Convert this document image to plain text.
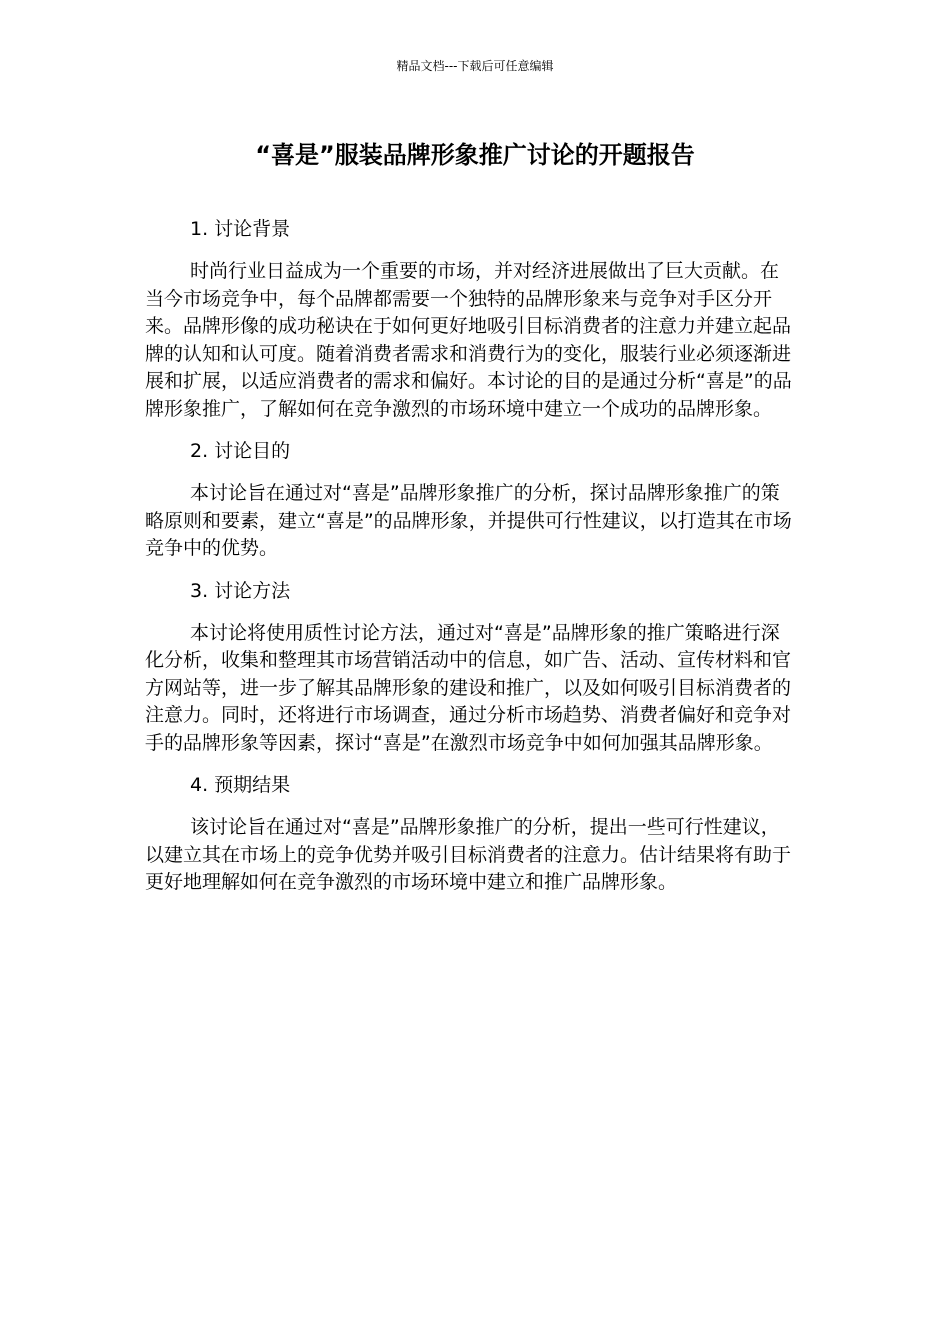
精品文档---下载后可任意编辑
“喜是”服装品牌形象推广讨论的开题报告
1. 讨论背景

时尚行业日益成为一个重要的市场，并对经济进展做出了巨大贡献。在当今市场竞争中，每个品牌都需要一个独特的品牌形象来与竞争对手区分开来。品牌形像的成功秘诀在于如何更好地吸引目标消费者的注意力并建立起品牌的认知和认可度。随着消费者需求和消费行为的变化，服装行业必须逐渐进展和扩展，以适应消费者的需求和偏好。本讨论的目的是通过分析“喜是”的品牌形象推广，了解如何在竞争激烈的市场环境中建立一个成功的品牌形象。

2. 讨论目的

本讨论旨在通过对“喜是”品牌形象推广的分析，探讨品牌形象推广的策略原则和要素，建立“喜是”的品牌形象，并提供可行性建议，以打造其在市场竞争中的优势。

3. 讨论方法

本讨论将使用质性讨论方法，通过对“喜是”品牌形象的推广策略进行深化分析，收集和整理其市场营销活动中的信息，如广告、活动、宣传材料和官方网站等，进一步了解其品牌形象的建设和推广，以及如何吸引目标消费者的注意力。同时，还将进行市场调查，通过分析市场趋势、消费者偏好和竞争对手的品牌形象等因素，探讨“喜是”在激烈市场竞争中如何加强其品牌形象。

4. 预期结果

该讨论旨在通过对“喜是”品牌形象推广的分析，提出一些可行性建议，以建立其在市场上的竞争优势并吸引目标消费者的注意力。估计结果将有助于更好地理解如何在竞争激烈的市场环境中建立和推广品牌形象。
